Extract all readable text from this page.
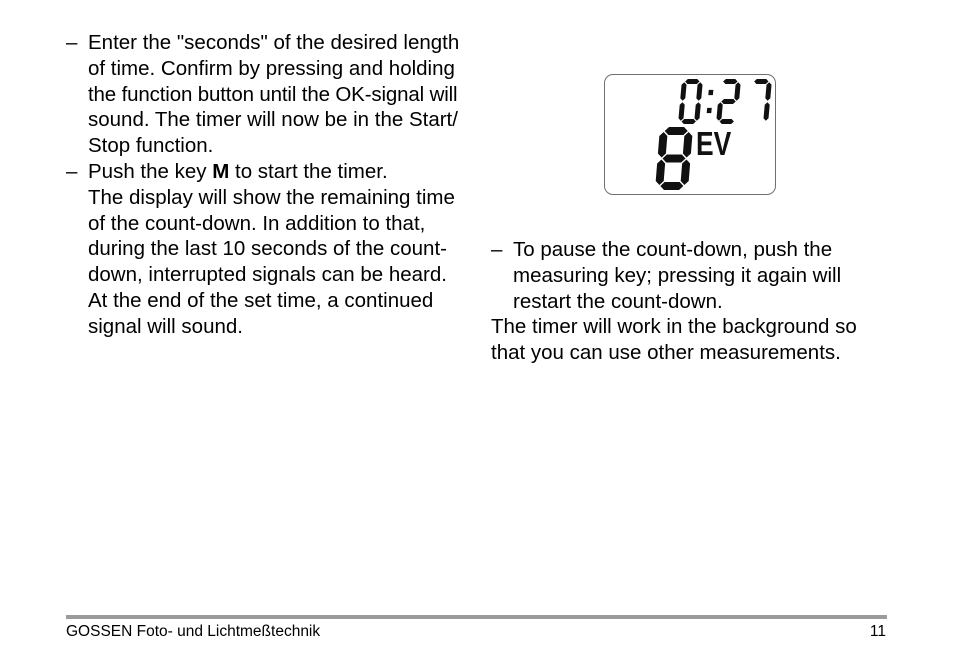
– Enter the "seconds" of the desired length
of time. Confirm by pressing and holding
the function button until the OK-signal will
sound. The timer will now be in the Start/
Stop function.
– Push the key M to start the timer.
The display will show the remaining time
of the count-down. In addition to that,
during the last 10 seconds of the count-
down, interrupted signals can be heard.
At the end of the set time, a continued
signal will sound.
EV
– To pause the count-down, push the
measuring key; pressing it again will
restart the count-down.
The timer will work in the background so
that you can use other measurements.
GOSSEN Foto- und Lichtmeßtechnik	11
